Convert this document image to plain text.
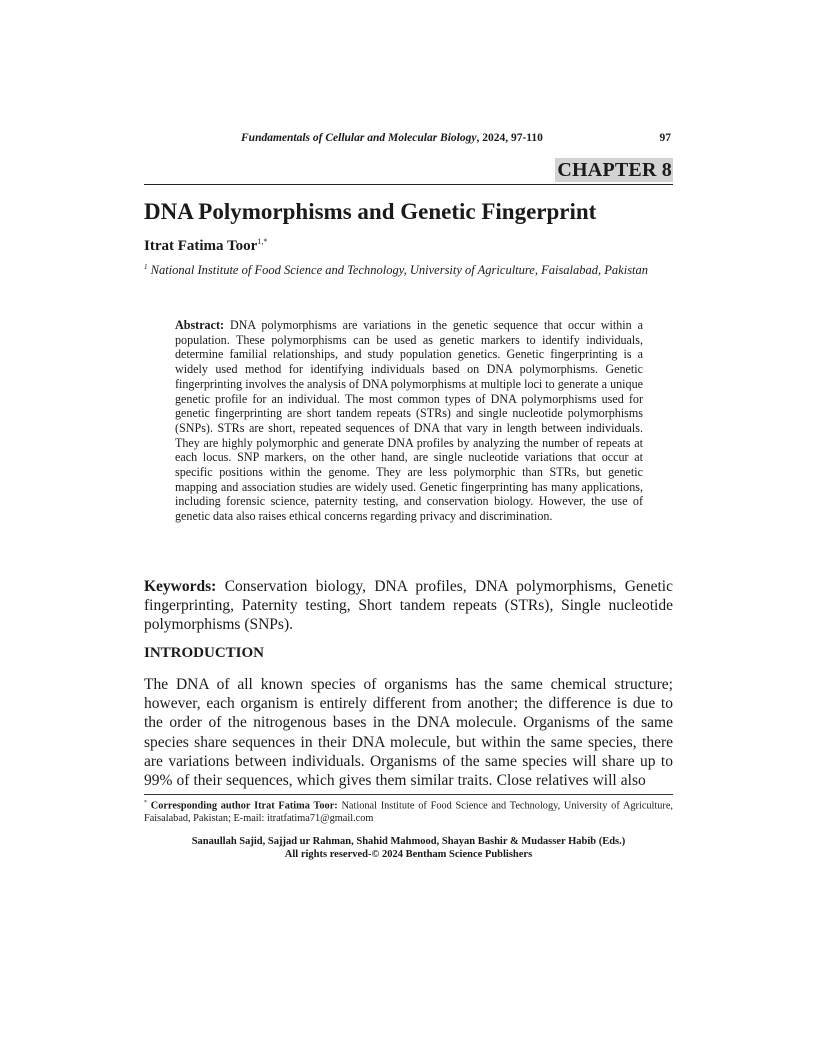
Fundamentals of Cellular and Molecular Biology, 2024, 97-110	97
CHAPTER 8
DNA Polymorphisms and Genetic Fingerprint
Itrat Fatima Toor$^{1,*}$
$^1$ National Institute of Food Science and Technology, University of Agriculture, Faisalabad, Pakistan
Abstract: DNA polymorphisms are variations in the genetic sequence that occur within a population. These polymorphisms can be used as genetic markers to identify individuals, determine familial relationships, and study population genetics. Genetic fingerprinting is a widely used method for identifying individuals based on DNA polymorphisms. Genetic fingerprinting involves the analysis of DNA polymorphisms at multiple loci to generate a unique genetic profile for an individual. The most common types of DNA polymorphisms used for genetic fingerprinting are short tandem repeats (STRs) and single nucleotide polymorphisms (SNPs). STRs are short, repeated sequences of DNA that vary in length between individuals. They are highly polymorphic and generate DNA profiles by analyzing the number of repeats at each locus. SNP markers, on the other hand, are single nucleotide variations that occur at specific positions within the genome. They are less polymorphic than STRs, but genetic mapping and association studies are widely used. Genetic fingerprinting has many applications, including forensic science, paternity testing, and conservation biology. However, the use of genetic data also raises ethical concerns regarding privacy and discrimination.
Keywords: Conservation biology, DNA profiles, DNA polymorphisms, Genetic fingerprinting, Paternity testing, Short tandem repeats (STRs), Single nucleotide polymorphisms (SNPs).
INTRODUCTION
The DNA of all known species of organisms has the same chemical structure; however, each organism is entirely different from another; the difference is due to the order of the nitrogenous bases in the DNA molecule. Organisms of the same species share sequences in their DNA molecule, but within the same species, there are variations between individuals. Organisms of the same species will share up to 99% of their sequences, which gives them similar traits. Close relatives will also
* Corresponding author Itrat Fatima Toor: National Institute of Food Science and Technology, University of Agriculture, Faisalabad, Pakistan; E-mail: itratfatima71@gmail.com
Sanaullah Sajid, Sajjad ur Rahman, Shahid Mahmood, Shayan Bashir & Mudasser Habib (Eds.)
All rights reserved-© 2024 Bentham Science Publishers
